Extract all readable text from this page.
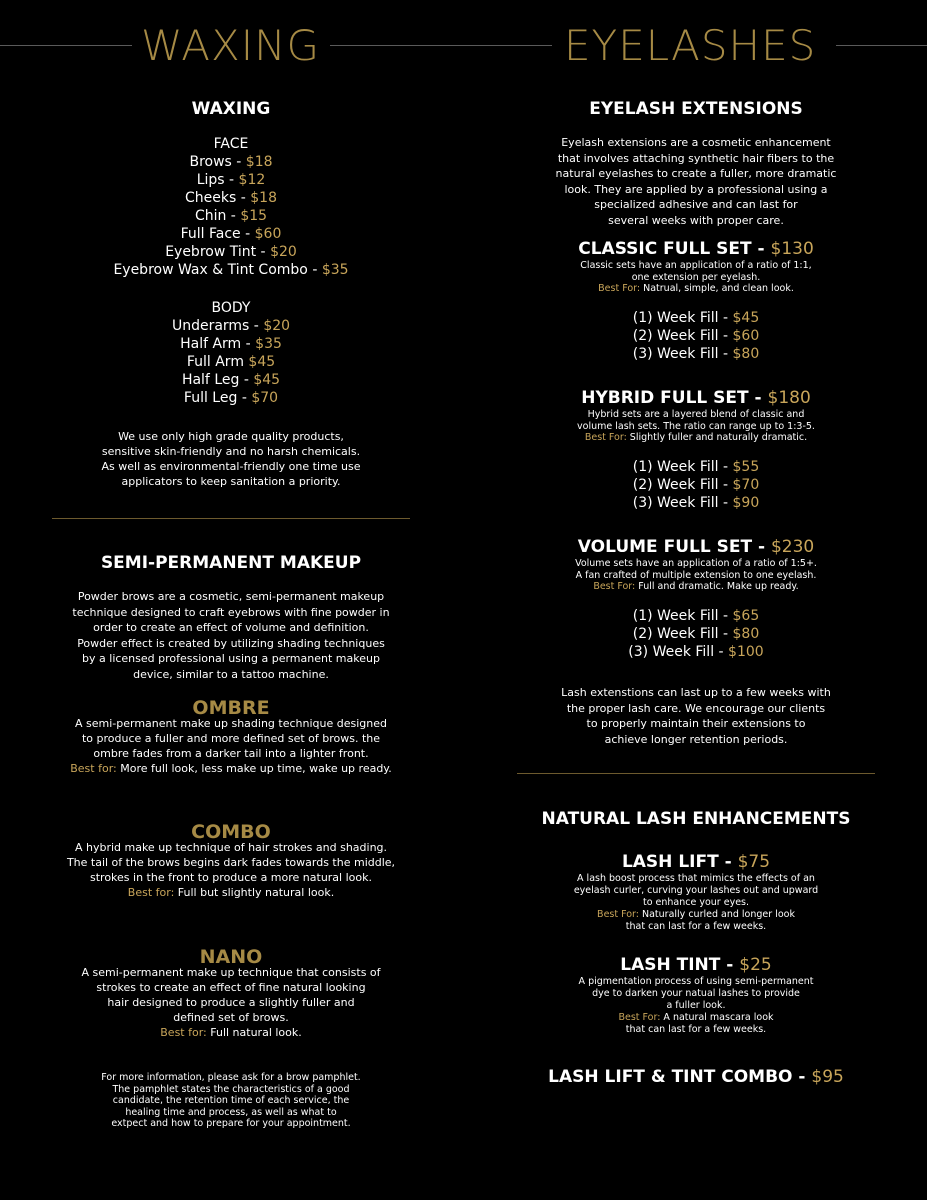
WAXING	EYELASHES
WAXING
FACE
Brows - $18
Lips - $12
Cheeks - $18
Chin - $15
Full Face - $60
Eyebrow Tint - $20
Eyebrow Wax & Tint Combo - $35
BODY
Underarms - $20
Half Arm - $35
Full Arm $45
Half Leg - $45
Full Leg - $70
We use only high grade quality products,
sensitive skin-friendly and no harsh chemicals.
As well as environmental-friendly one time use
applicators to keep sanitation a priority.
SEMI-PERMANENT MAKEUP
Powder brows are a cosmetic, semi-permanent makeup
technique designed to craft eyebrows with fine powder in
order to create an effect of volume and definition.
Powder effect is created by utilizing shading techniques
by a licensed professional using a permanent makeup
device, similar to a tattoo machine.
OMBRE
A semi-permanent make up shading technique designed
to produce a fuller and more defined set of brows. the
ombre fades from a darker tail into a lighter front.
Best for: More full look, less make up time, wake up ready.
COMBO
A hybrid make up technique of hair strokes and shading.
The tail of the brows begins dark fades towards the middle,
strokes in the front to produce a more natural look.
Best for: Full but slightly natural look.
NANO
A semi-permanent make up technique that consists of
strokes to create an effect of fine natural looking
hair designed to produce a slightly fuller and
defined set of brows.
Best for: Full natural look.
For more information, please ask for a brow pamphlet.
The pamphlet states the characteristics of a good
candidate, the retention time of each service, the
healing time and process, as well as what to
extpect and how to prepare for your appointment.
EYELASH EXTENSIONS
Eyelash extensions are a cosmetic enhancement
that involves attaching synthetic hair fibers to the
natural eyelashes to create a fuller, more dramatic
look. They are applied by a professional using a
specialized adhesive and can last for
several weeks with proper care.
CLASSIC FULL SET - $130
Classic sets have an application of a ratio of 1:1,
one extension per eyelash.
Best For: Natrual, simple, and clean look.
(1) Week Fill - $45
(2) Week Fill - $60
(3) Week Fill - $80
HYBRID FULL SET - $180
Hybrid sets are a layered blend of classic and
volume lash sets. The ratio can range up to 1:3-5.
Best For: Slightly fuller and naturally dramatic.
(1) Week Fill - $55
(2) Week Fill - $70
(3) Week Fill - $90
VOLUME FULL SET - $230
Volume sets have an application of a ratio of 1:5+.
A fan crafted of multiple extension to one eyelash.
Best For: Full and dramatic. Make up ready.
(1) Week Fill - $65
(2) Week Fill - $80
(3) Week Fill - $100
Lash extenstions can last up to a few weeks with
the proper lash care. We encourage our clients
to properly maintain their extensions to
achieve longer retention periods.
NATURAL LASH ENHANCEMENTS
LASH LIFT - $75
A lash boost process that mimics the effects of an
eyelash curler, curving your lashes out and upward
to enhance your eyes.
Best For: Naturally curled and longer look
that can last for a few weeks.
LASH TINT - $25
A pigmentation process of using semi-permanent
dye to darken your natual lashes to provide
a fuller look.
Best For: A natural mascara look
that can last for a few weeks.
LASH LIFT & TINT COMBO - $95
